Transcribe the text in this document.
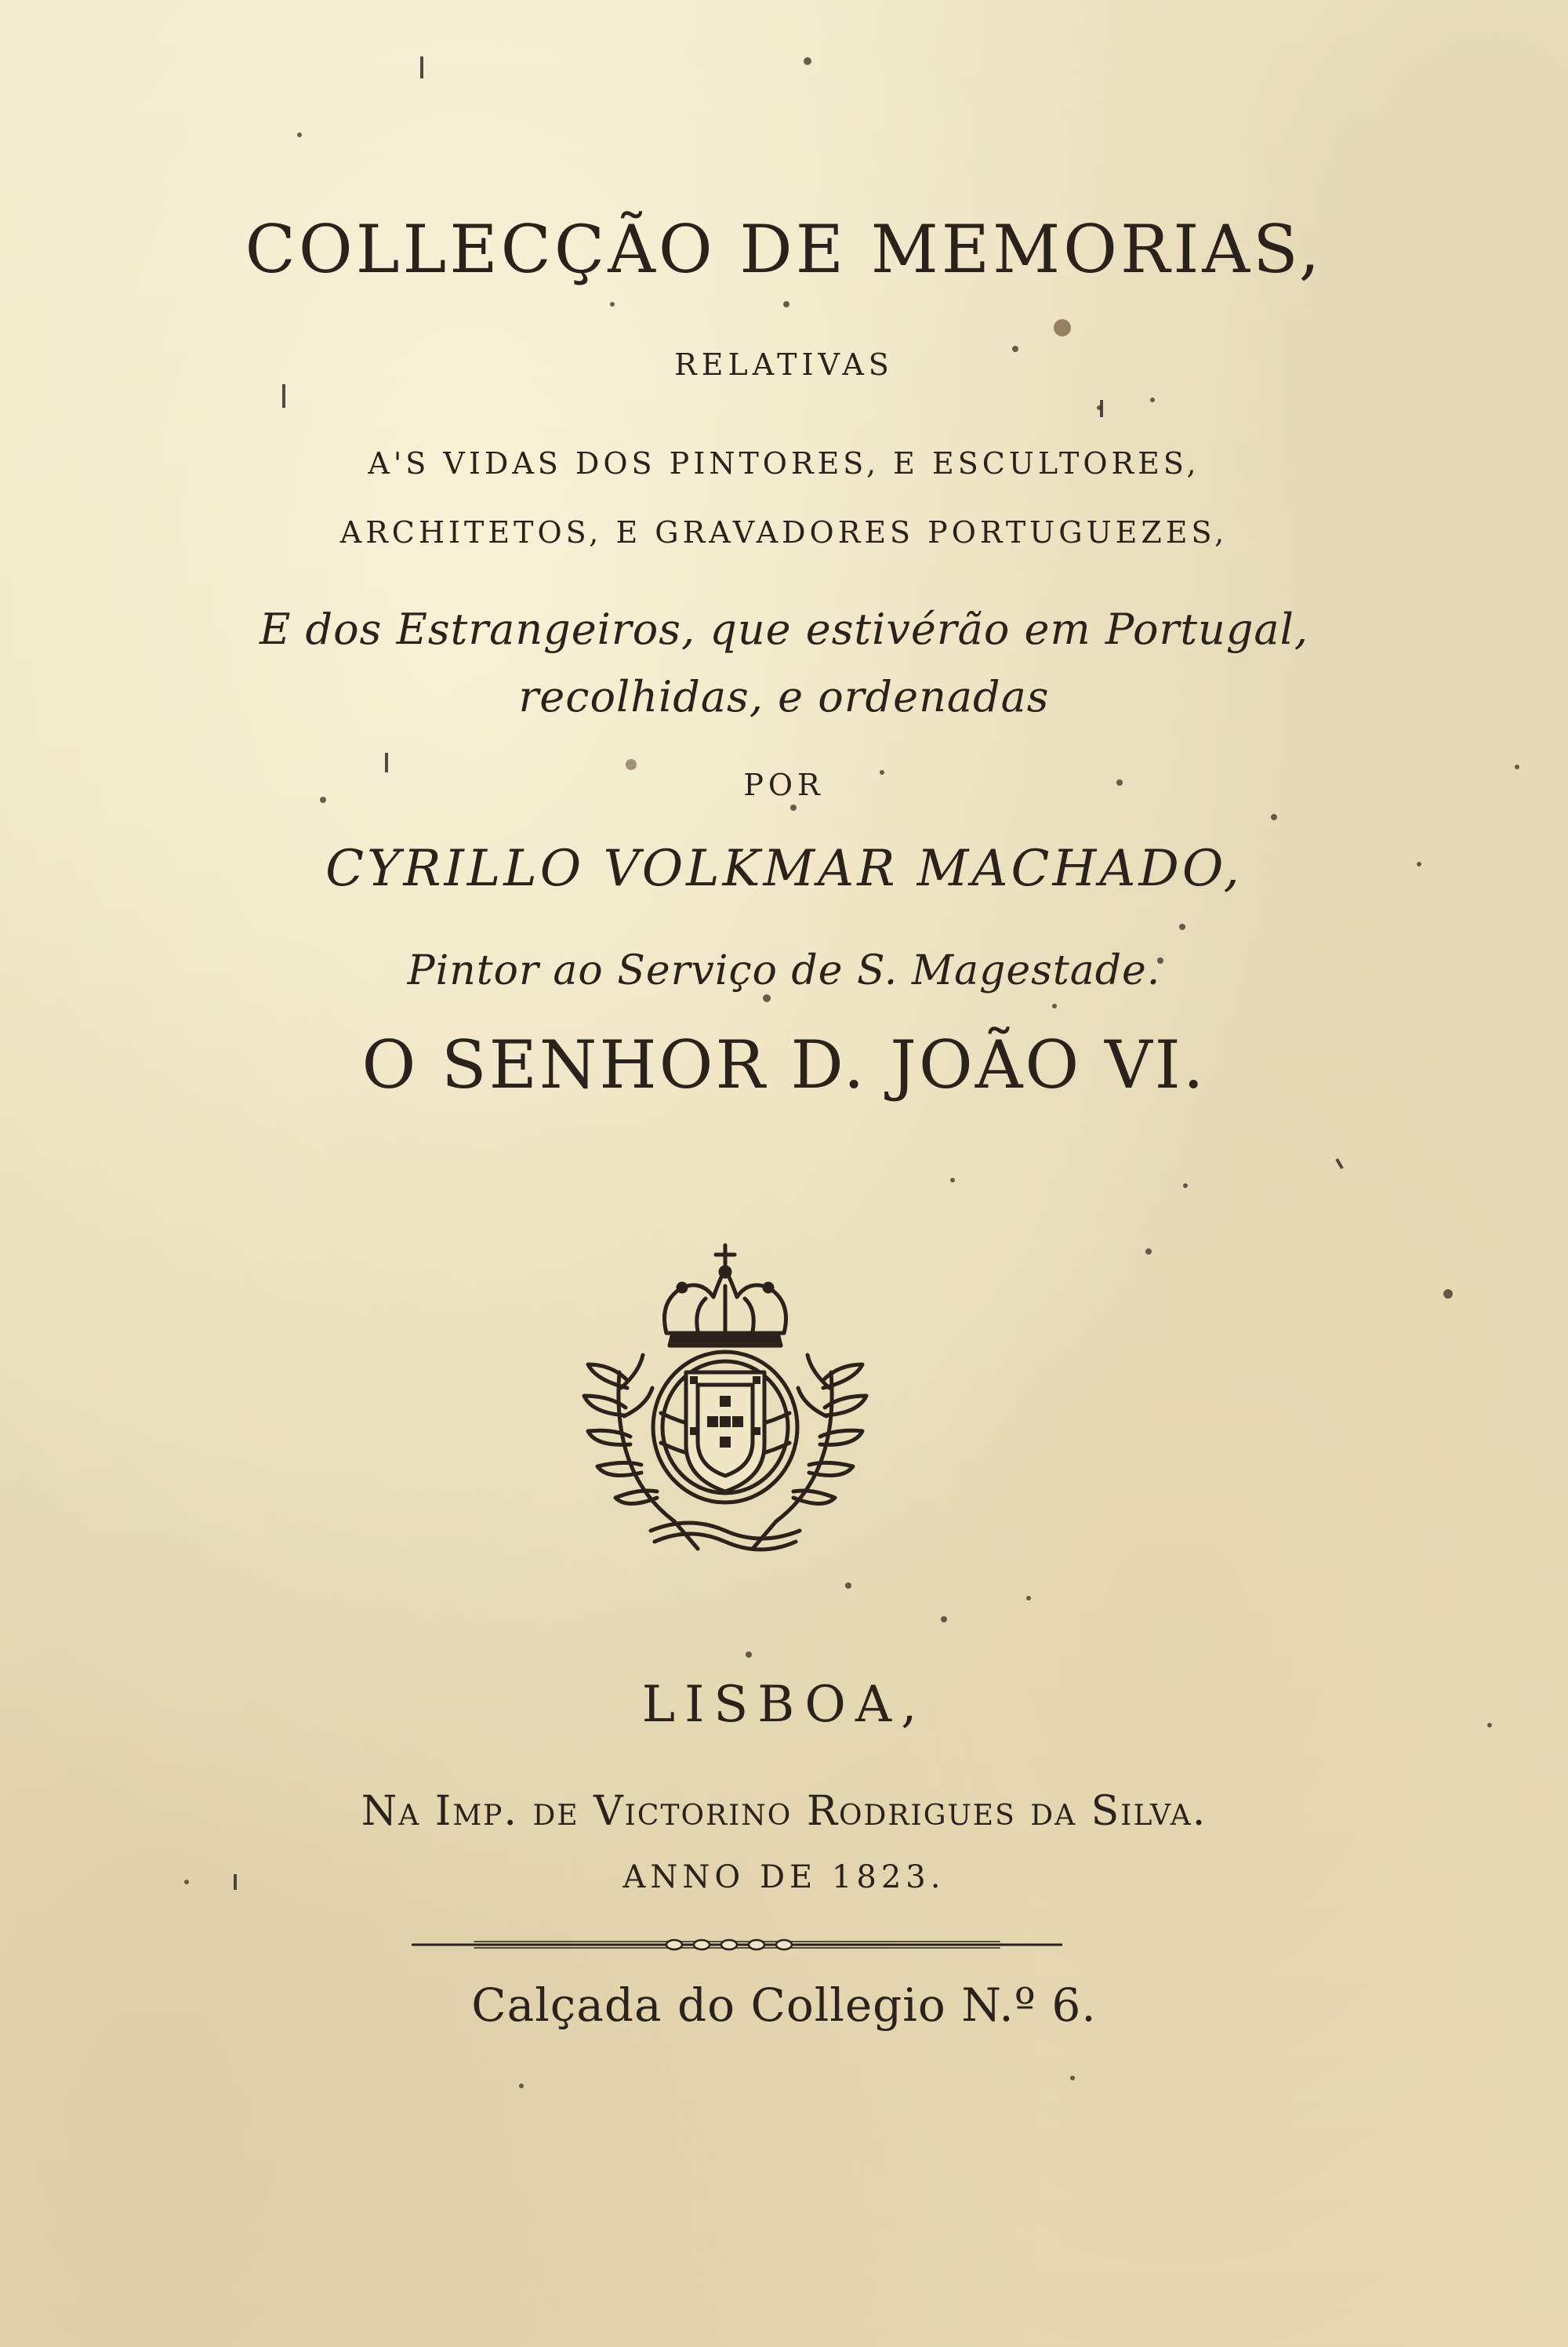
COLLECÇÃO DE MEMORIAS,
RELATIVAS
A'S VIDAS DOS PINTORES, E ESCULTORES,
ARCHITETOS, E GRAVADORES PORTUGUEZES,
E dos Estrangeiros, que estivérão em Portugal,
recolhidas, e ordenadas
POR
CYRILLO VOLKMAR MACHADO,
Pintor ao Serviço de S. Magestade.
O SENHOR D. JOÃO VI.
LISBOA,
Na Imp. de Victorino Rodrigues da Silva.
ANNO DE 1823.
Calçada do Collegio N.º 6.
